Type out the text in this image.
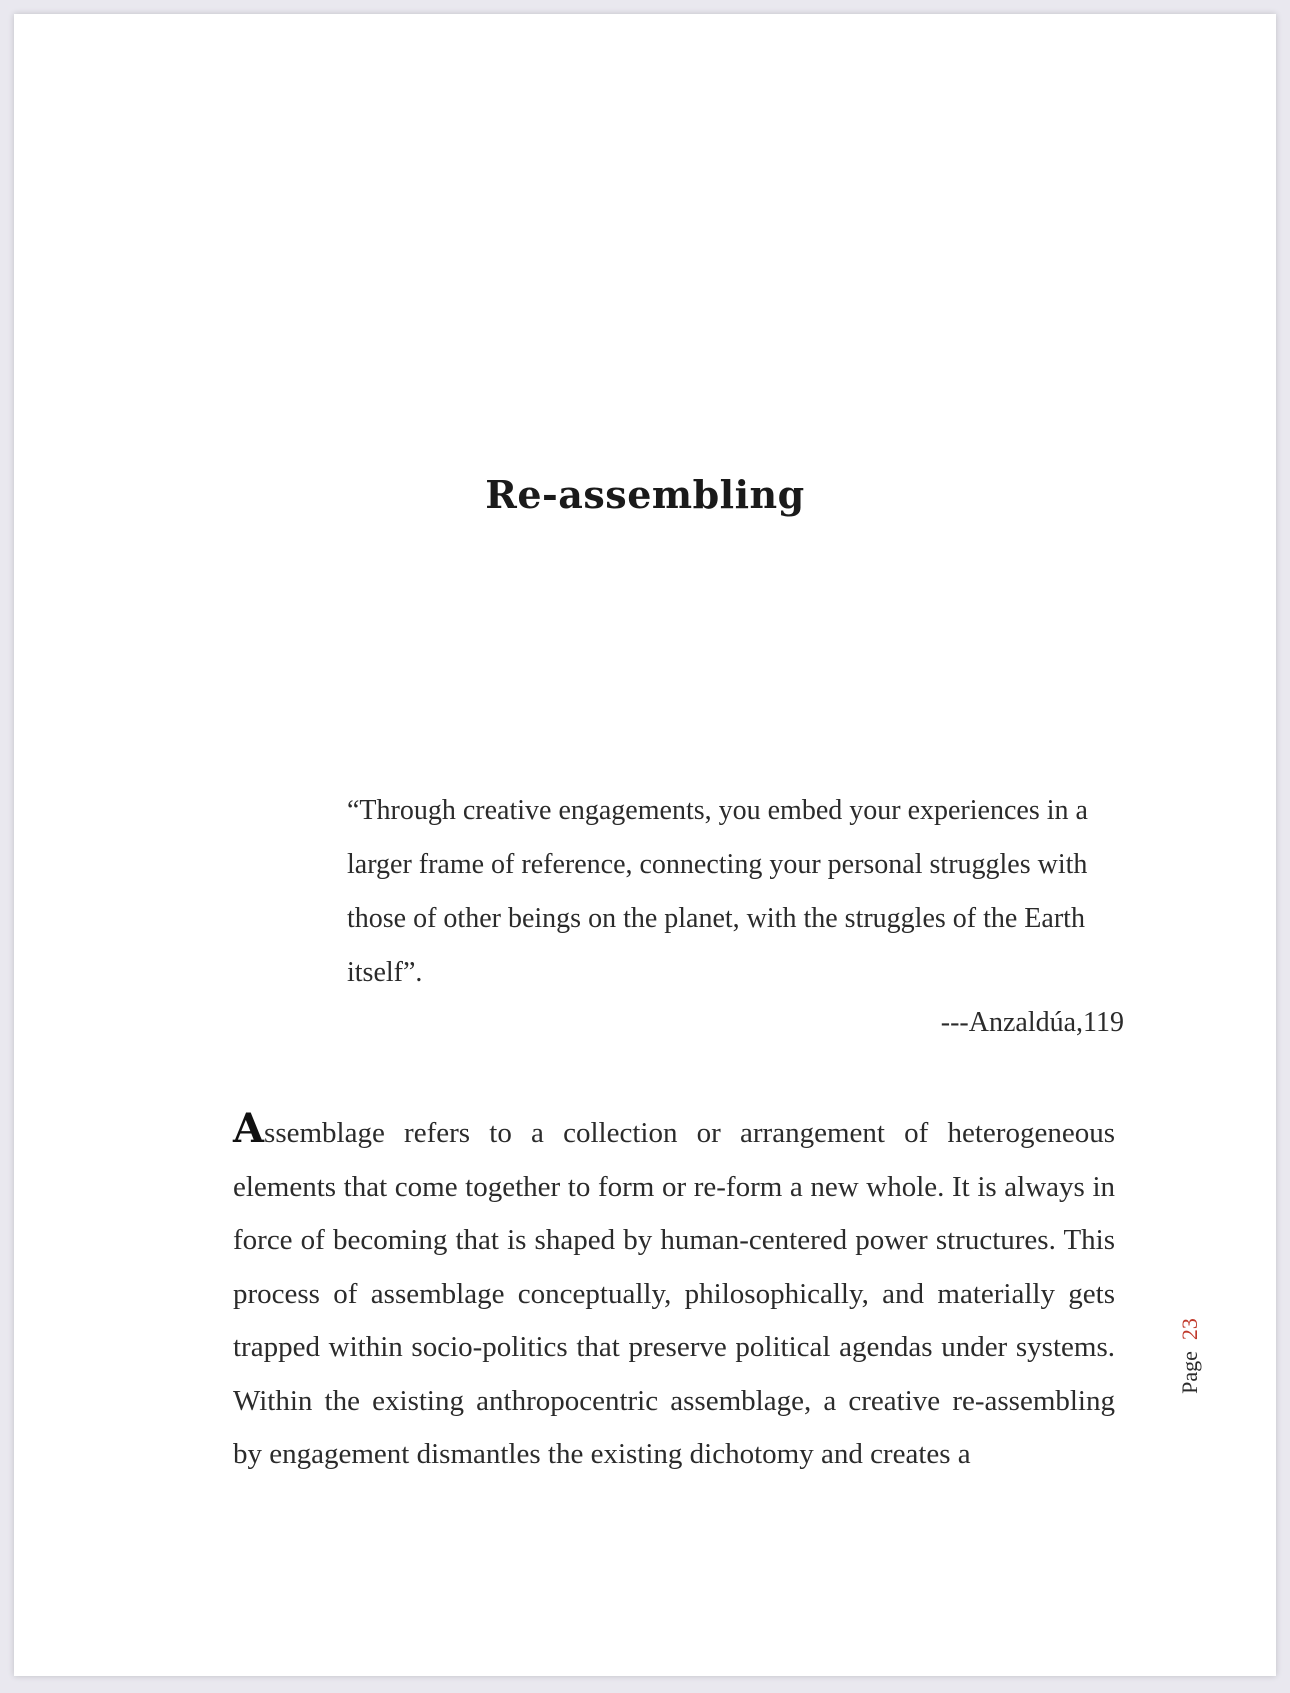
Re-assembling
“Through creative engagements, you embed your experiences in a larger frame of reference, connecting your personal struggles with those of other beings on the planet, with the struggles of the Earth itself”.
---Anzaldúa,119
Assemblage refers to a collection or arrangement of heterogeneous elements that come together to form or re-form a new whole. It is always in force of becoming that is shaped by human-centered power structures. This process of assemblage conceptually, philosophically, and materially gets trapped within socio-politics that preserve political agendas under systems. Within the existing anthropocentric assemblage, a creative re-assembling by engagement dismantles the existing dichotomy and creates a
Page  23
